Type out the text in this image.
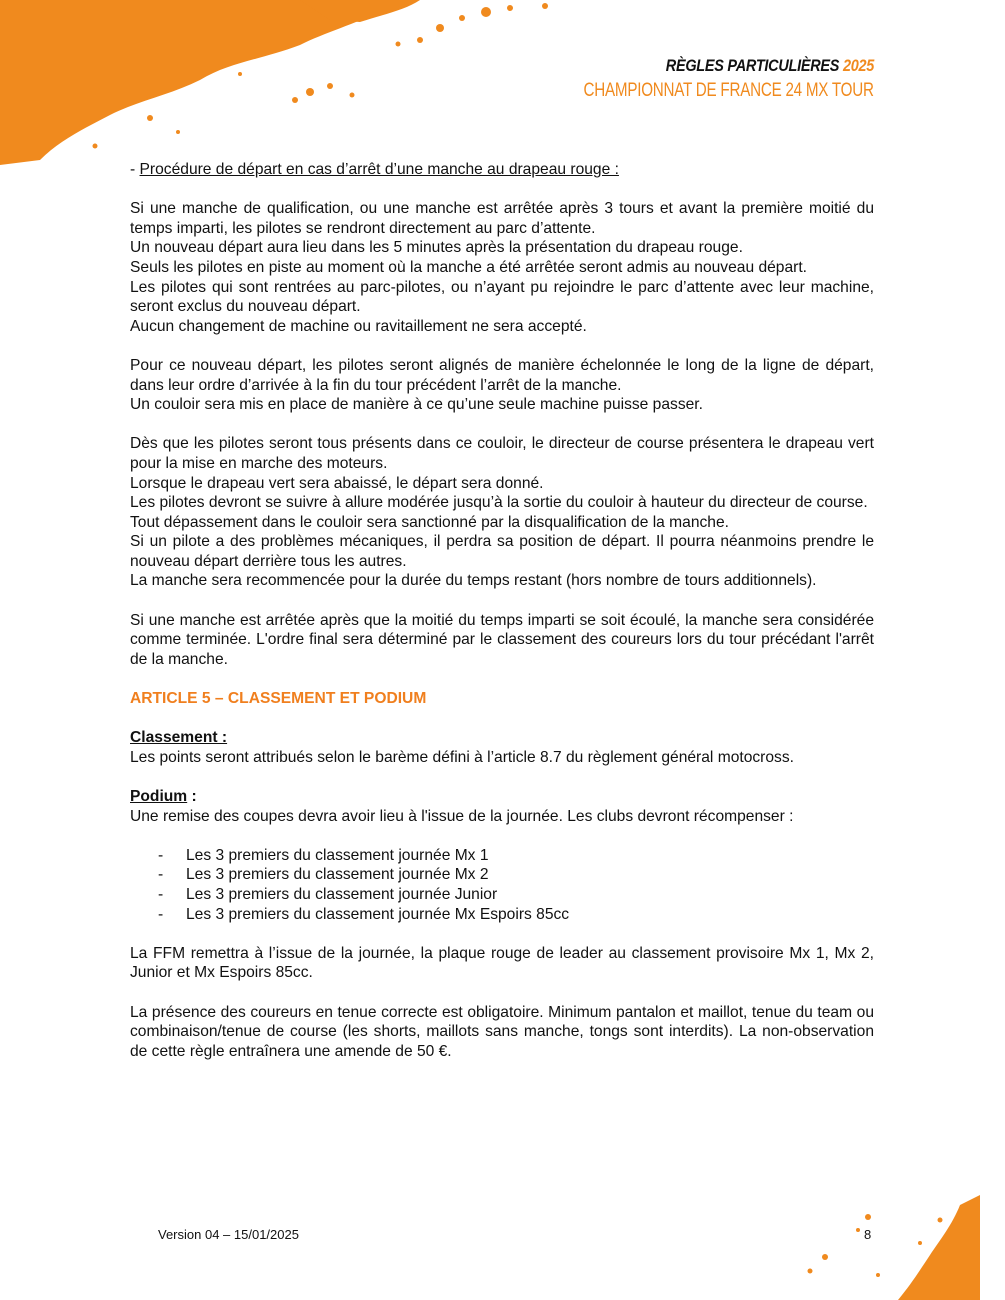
RÈGLES PARTICULIÈRES 2025
CHAMPIONNAT DE FRANCE 24 MX TOUR

- Procédure de départ en cas d’arrêt d’une manche au drapeau rouge :

Si une manche de qualification, ou une manche est arrêtée après 3 tours et avant la première moitié du temps imparti, les pilotes se rendront directement au parc d’attente.

Un nouveau départ aura lieu dans les 5 minutes après la présentation du drapeau rouge.

Seuls les pilotes en piste au moment où la manche a été arrêtée seront admis au nouveau départ.

Les pilotes qui sont rentrées au parc-pilotes, ou n’ayant pu rejoindre le parc d’attente avec leur machine, seront exclus du nouveau départ.

Aucun changement de machine ou ravitaillement ne sera accepté.

Pour ce nouveau départ, les pilotes seront alignés de manière échelonnée le long de la ligne de départ, dans leur ordre d’arrivée à la fin du tour précédent l’arrêt de la manche.

Un couloir sera mis en place de manière à ce qu’une seule machine puisse passer.

Dès que les pilotes seront tous présents dans ce couloir, le directeur de course présentera le drapeau vert pour la mise en marche des moteurs.

Lorsque le drapeau vert sera abaissé, le départ sera donné.

Les pilotes devront se suivre à allure modérée jusqu’à la sortie du couloir à hauteur du directeur de course.

Tout dépassement dans le couloir sera sanctionné par la disqualification de la manche.

Si un pilote a des problèmes mécaniques, il perdra sa position de départ. Il pourra néanmoins prendre le nouveau départ derrière tous les autres.

La manche sera recommencée pour la durée du temps restant (hors nombre de tours additionnels).

Si une manche est arrêtée après que la moitié du temps imparti se soit écoulé, la manche sera considérée comme terminée. L'ordre final sera déterminé par le classement des coureurs lors du tour précédant l'arrêt de la manche.

ARTICLE 5 – CLASSEMENT ET PODIUM

Classement :

Les points seront attribués selon le barème défini à l’article 8.7 du règlement général motocross.

Podium :

Une remise des coupes devra avoir lieu à l'issue de la journée. Les clubs devront récompenser :

- Les 3 premiers du classement journée Mx 1
- Les 3 premiers du classement journée Mx 2
- Les 3 premiers du classement journée Junior
- Les 3 premiers du classement journée Mx Espoirs 85cc

La FFM remettra à l’issue de la journée, la plaque rouge de leader au classement provisoire Mx 1, Mx 2, Junior et Mx Espoirs 85cc.

La présence des coureurs en tenue correcte est obligatoire. Minimum pantalon et maillot, tenue du team ou combinaison/tenue de course (les shorts, maillots sans manche, tongs sont interdits). La non-observation de cette règle entraînera une amende de 50 €.

Version 04 – 15/01/2025	8
